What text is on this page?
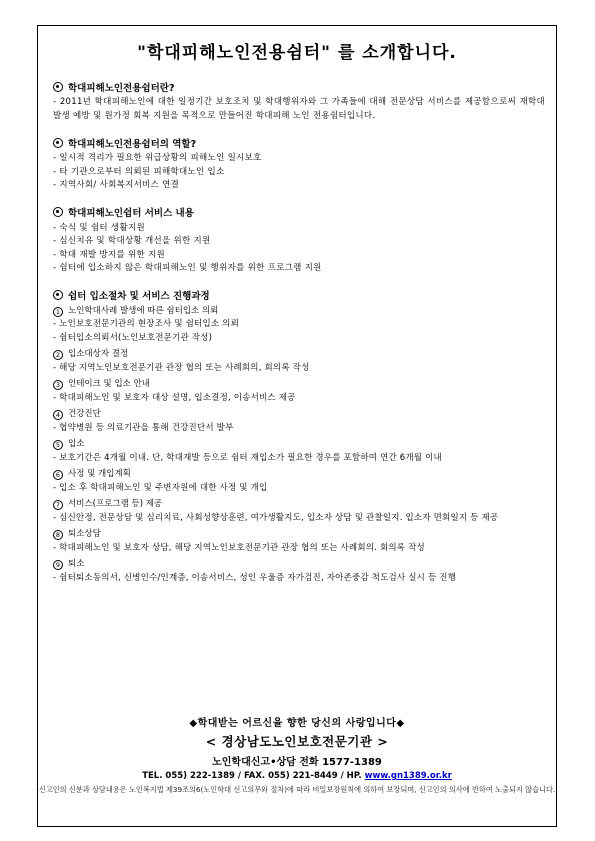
"학대피해노인전용쉼터" 를 소개합니다.
학대피해노인전용쉼터란?
- 2011년 학대피해노인에 대한 일정기간 보호조치 및 학대행위자와 그 가족들에 대해 전문상담 서비스를 제공함으로써 재학대 발생 예방 및 원가정 회복 지원을 목적으로 만들어진 학대피해 노인 전용쉼터입니다.
학대피해노인전용쉼터의 역할?
- 일시적 격리가 필요한 위급상황의 피해노인 일시보호
- 타 기관으로부터 의뢰된 피해학대노인 입소
- 지역사회/ 사회복지서비스 연결
학대피해노인쉼터 서비스 내용
- 숙식 및 쉼터 생활지원
- 심신치유 및 학대상황 개선을 위한 지원
- 학대 재발 방지를 위한 지원
- 쉼터에 입소하지 않은 학대피해노인 및 행위자를 위한 프로그램 지원
쉼터 입소절차 및 서비스 진행과정
1 노인학대사례 발생에 따른 쉼터입소 의뢰
- 노인보호전문기관의 현장조사 및 쉼터입소 의뢰
- 쉼터입소의뢰서(노인보호전문기관 작성)
2 입소대상자 결정
- 해당 지역노인보호전문기관 관장 협의 또는 사례회의, 회의록 작성
3 인테이크 및 입소 안내
- 학대피해노인 및 보호자 대상 설명, 입소결정, 이송서비스 제공
4 건강진단
- 협약병원 등 의료기관을 통해 건강진단서 발부
5 입소
- 보호기간은 4개월 이내. 단, 학대재발 등으로 쉼터 재입소가 필요한 경우를 포함하여 연간 6개월 이내
6 사정 및 개입계획
- 입소 후 학대피해노인 및 주변자원에 대한 사정 및 개입
7 서비스(프로그램 등) 제공
- 심신안정, 전문상담 및 심리치료, 사회성향상훈련, 여가생활지도, 입소자 상담 및 관찰일지. 입소자 면회일지 등 제공
8 퇴소상담
- 학대피해노인 및 보호자 상담, 해당 지역노인보호전문기관 관장 협의 또는 사례회의. 회의록 작성
9 퇴소
- 쉼터퇴소동의서, 신병인수/인계증, 이송서비스, 성인 우울증 자가검진, 자아존중감 척도검사 실시 등 진행
◆학대받는 어르신을 향한 당신의 사랑입니다◆
< 경상남도노인보호전문기관 >
노인학대신고•상담 전화 1577-1389
TEL. 055) 222-1389 / FAX. 055) 221-8449 / HP. www.gn1389.or.kr
신고인의 신분과 상담내용은 노인복지법 제39조의6(노인학대 신고의무와 절차)에 따라 비밀보장원칙에 의하여 보장되며, 신고인의 의사에 반하여 노출되지 않습니다.
